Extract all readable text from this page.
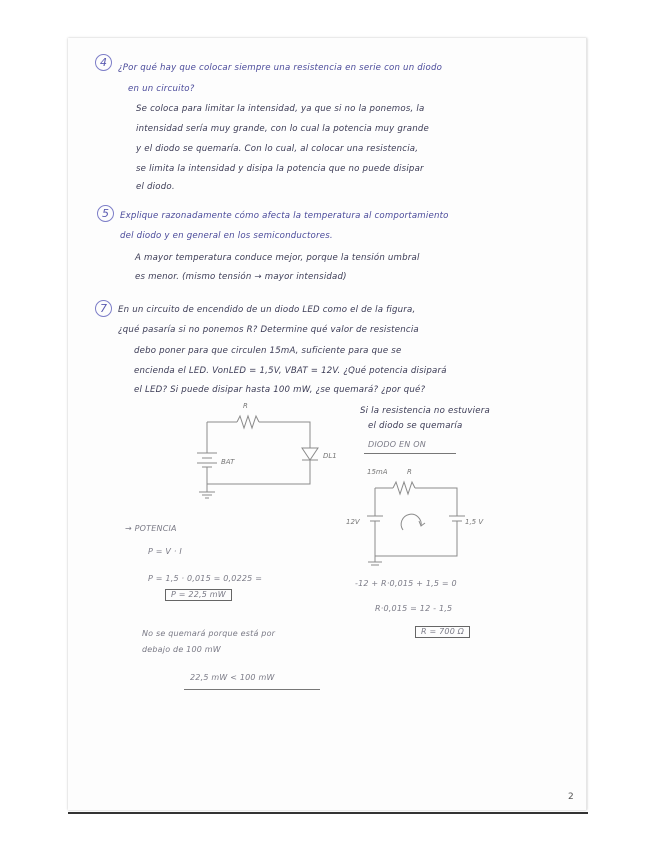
4	¿Por qué hay que colocar siempre una resistencia en serie con un diodo
en un circuito?
Se coloca para limitar la intensidad, ya que si no la ponemos, la
intensidad sería muy grande, con lo cual la potencia muy grande
y el diodo se quemaría. Con lo cual, al colocar una resistencia,
se limita la intensidad y disipa la potencia que no puede disipar
el diodo.
5	Explique razonadamente cómo afecta la temperatura al comportamiento
del diodo y en general en los semiconductores.
A mayor temperatura conduce mejor, porque la tensión umbral
es menor. (mismo tensión → mayor intensidad)
7	En un circuito de encendido de un diodo LED como el de la figura,
¿qué pasaría si no ponemos R? Determine qué valor de resistencia
debo poner para que circulen 15mA, suficiente para que se
encienda el LED. VonLED = 1,5V, VBAT = 12V. ¿Qué potencia disipará
el LED? Si puede disipar hasta 100 mW, ¿se quemará? ¿por qué?
R
BAT
DL1
Si la resistencia no estuviera
el diodo se quemaría
DIODO EN ON
15mA	R
12V	1,5 V
→ POTENCIA
P = V · I
P = 1,5 · 0,015 = 0,0225 =
P = 22,5 mW
-12 + R·0,015 + 1,5 = 0
R·0,015 = 12 - 1,5
R = 700 Ω
No se quemará porque está por
debajo de 100 mW
22,5 mW < 100 mW
2
